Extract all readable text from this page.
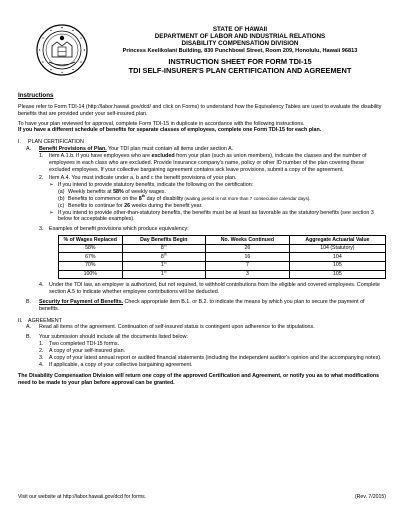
STATE OF HAWAII
DEPARTMENT OF LABOR AND INDUSTRIAL RELATIONS
DISABILITY COMPENSATION DIVISION
Princess Keelikolani Building, 830 Punchbowl Street, Room 209, Honolulu, Hawaii 96813
INSTRUCTION SHEET FOR FORM TDI-15
TDI SELF-INSURER'S PLAN CERTIFICATION AND AGREEMENT
Instructions

Please refer to Form TDI-14 (http://labor.hawaii.gov/dcd/ and click on Forms) to understand how the Equivalency Tables are used to evaluate the disability benefits that are provided under your self-insured plan.

To have your plan reviewed for approval, complete Form TDI-15 in duplicate in accordance with the following instructions.
If you have a different schedule of benefits for separate classes of employees, complete one Form TDI-15 for each plan.

I.	PLAN CERTIFICATION
A.	Benefit Provisions of Plan. Your TDI plan must contain all items under section A.
1.	Item A.1.b. If you have employees who are excluded from your plan (such as union members), indicate the classes and the number of employees in each class who are excluded. Provide Insurance company's name, policy or other ID number of the plan covering these excluded employees. If your collective bargaining agreement contains sick leave provisions, submit a copy of the agreement.
2.	Item A.4. You must indicate under a, b and c the benefit provisions of your plan.
➢ If you intend to provide statutory benefits, indicate the following on the certification:
(a) Weekly benefits at 58% of weekly wages.
(b) Benefits to commence on the 8th day of disability (waiting period is not more than 7 consecutive calendar days).
(c) Benefits to continue for 26 weeks during the benefit year.
➢ If you intend to provide other-than-statutory benefits, the benefits must be at least as favorable as the statutory benefits (see section 3 below for acceptable examples).
3.	Examples of benefit provisions which produce equivalency:
% of Wages Replaced	Day Benefits Begin	No. Weeks Continued	Aggregate Actuarial Value
58%	8th	26	104 (Statutory)
67%	8th	16	104
70%	1st	7	105
100%	1st	3	105
4.	Under the TDI law, an employer is authorized, but not required, to withhold contributions from the eligible and covered employees. Complete section A.5 to indicate whether employee contributions will be deducted.
B.	Security for Payment of Benefits. Check appropriate item B.1. or B.2. to indicate the means by which you plan to secure the payment of benefits.
II.	AGREEMENT
A.	Read all items of the agreement. Continuation of self-insured status is contingent upon adherence to the stipulations.
B.	Your submission should include all the documents listed below:
1.	Two completed TDI-15 forms.
2.	A copy of your self-insured plan.
3.	A copy of your latest annual report or audited financial statements (including the independent auditor's opinion and the accompanying notes).
4.	If applicable, a copy of your collective bargaining agreement.

The Disability Compensation Division will return one copy of the approved Certification and Agreement, or notify you as to what modifications need to be made to your plan before approval can be granted.

Visit our website at http://labor.hawaii.gov/dcd for forms.	(Rev. 7/2015)
